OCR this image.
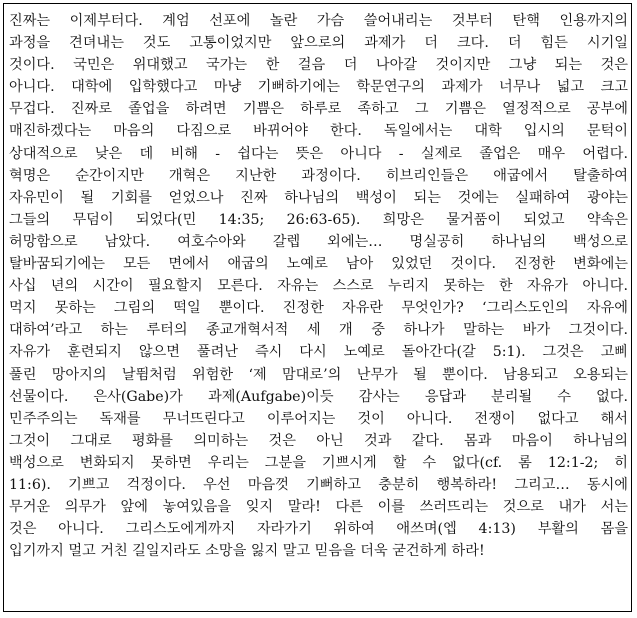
진짜는 이제부터다. 계엄 선포에 놀란 가슴 쓸어내리는 것부터 탄핵 인용까지의
과정을 견뎌내는 것도 고통이었지만 앞으로의 과제가 더 크다. 더 힘든 시기일
것이다. 국민은 위대했고 국가는 한 걸음 더 나아갈 것이지만 그냥 되는 것은
아니다. 대학에 입학했다고 마냥 기뻐하기에는 학문연구의 과제가 너무나 넓고 크고
무겁다. 진짜로 졸업을 하려면 기쁨은 하루로 족하고 그 기쁨은 열정적으로 공부에
매진하겠다는 마음의 다짐으로 바뀌어야 한다. 독일에서는 대학 입시의 문턱이
상대적으로 낮은 데 비해 - 쉽다는 뜻은 아니다 - 실제로 졸업은 매우 어렵다.
혁명은 순간이지만 개혁은 지난한 과정이다. 히브리인들은 애굽에서 탈출하여
자유민이 될 기회를 얻었으나 진짜 하나님의 백성이 되는 것에는 실패하여 광야는
그들의 무덤이 되었다(민 14:35; 26:63-65). 희망은 물거품이 되었고 약속은
허망함으로 남았다. 여호수아와 갈렙 외에는… 명실공히 하나님의 백성으로
탈바꿈되기에는 모든 면에서 애굽의 노예로 남아 있었던 것이다. 진정한 변화에는
사십 년의 시간이 필요할지 모른다. 자유는 스스로 누리지 못하는 한 자유가 아니다.
먹지 못하는 그림의 떡일 뿐이다. 진정한 자유란 무엇인가? ‘그리스도인의 자유에
대하여’라고 하는 루터의 종교개혁서적 세 개 중 하나가 말하는 바가 그것이다.
자유가 훈련되지 않으면 풀려난 즉시 다시 노예로 돌아간다(갈 5:1). 그것은 고삐
풀린 망아지의 날뜀처럼 위험한 ‘제 맘대로’의 난무가 될 뿐이다. 남용되고 오용되는
선물이다. 은사(Gabe)가 과제(Aufgabe)이듯 감사는 응답과 분리될 수 없다.
민주주의는 독재를 무너뜨린다고 이루어지는 것이 아니다. 전쟁이 없다고 해서
그것이 그대로 평화를 의미하는 것은 아닌 것과 같다. 몸과 마음이 하나님의
백성으로 변화되지 못하면 우리는 그분을 기쁘시게 할 수 없다(cf. 롬 12:1-2; 히
11:6). 기쁘고 걱정이다. 우선 마음껏 기뻐하고 충분히 행복하라! 그리고… 동시에
무거운 의무가 앞에 놓여있음을 잊지 말라! 다른 이를 쓰러뜨리는 것으로 내가 서는
것은 아니다. 그리스도에게까지 자라가기 위하여 애쓰며(엡 4:13) 부활의 몸을
입기까지 멀고 거친 길일지라도 소망을 잃지 말고 믿음을 더욱 굳건하게 하라!
